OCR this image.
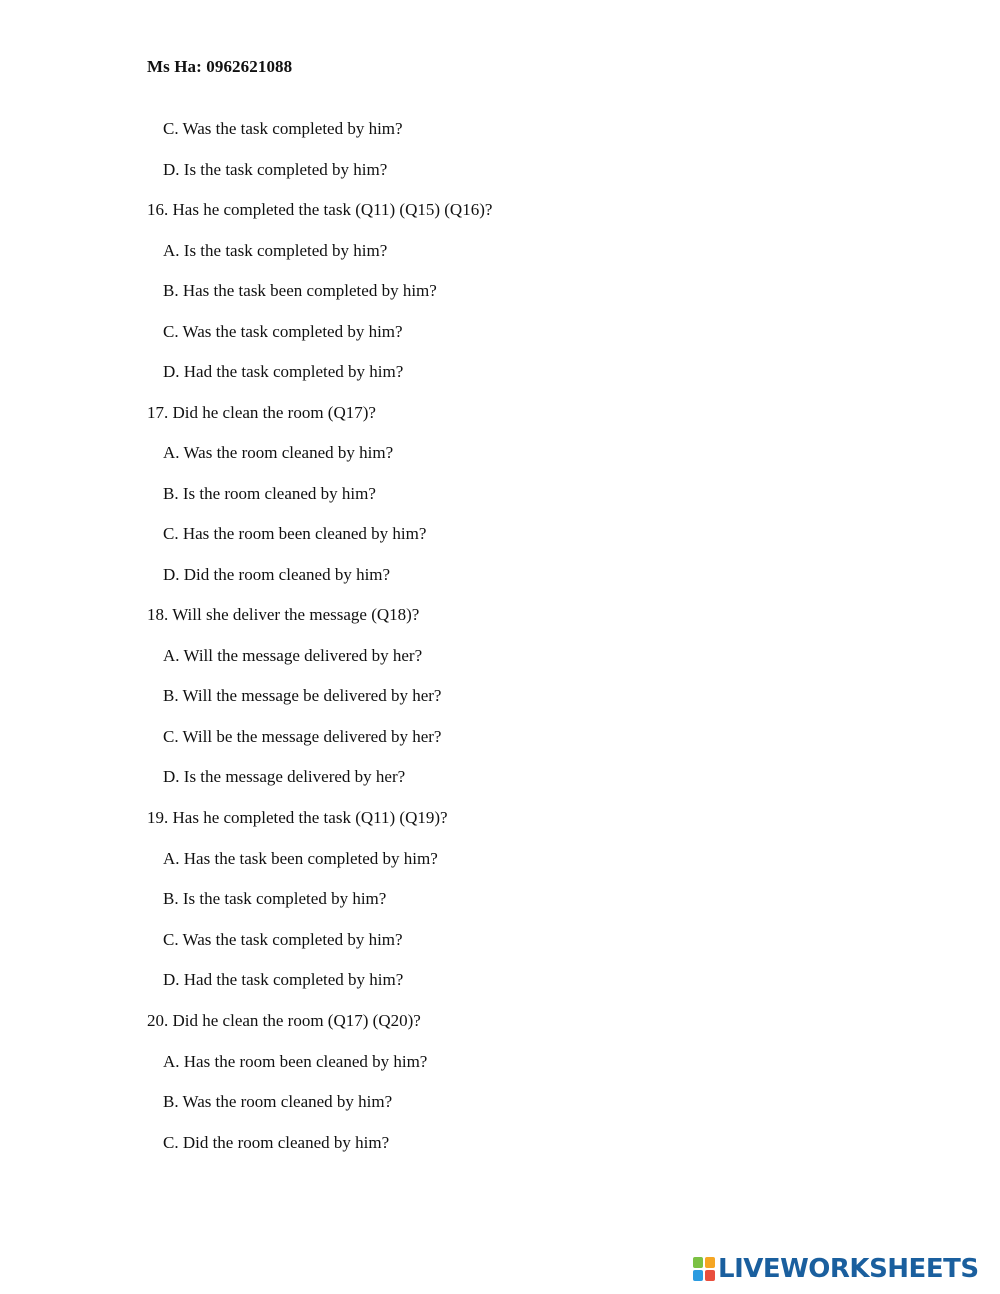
Ms Ha: 0962621088
C. Was the task completed by him?
D. Is the task completed by him?
16. Has he completed the task (Q11) (Q15) (Q16)?
A. Is the task completed by him?
B. Has the task been completed by him?
C. Was the task completed by him?
D. Had the task completed by him?
17. Did he clean the room (Q17)?
A. Was the room cleaned by him?
B. Is the room cleaned by him?
C. Has the room been cleaned by him?
D. Did the room cleaned by him?
18. Will she deliver the message (Q18)?
A. Will the message delivered by her?
B. Will the message be delivered by her?
C. Will be the message delivered by her?
D. Is the message delivered by her?
19. Has he completed the task (Q11) (Q19)?
A. Has the task been completed by him?
B. Is the task completed by him?
C. Was the task completed by him?
D. Had the task completed by him?
20. Did he clean the room (Q17) (Q20)?
A. Has the room been cleaned by him?
B. Was the room cleaned by him?
C. Did the room cleaned by him?
LIVEWORKSHEETS
